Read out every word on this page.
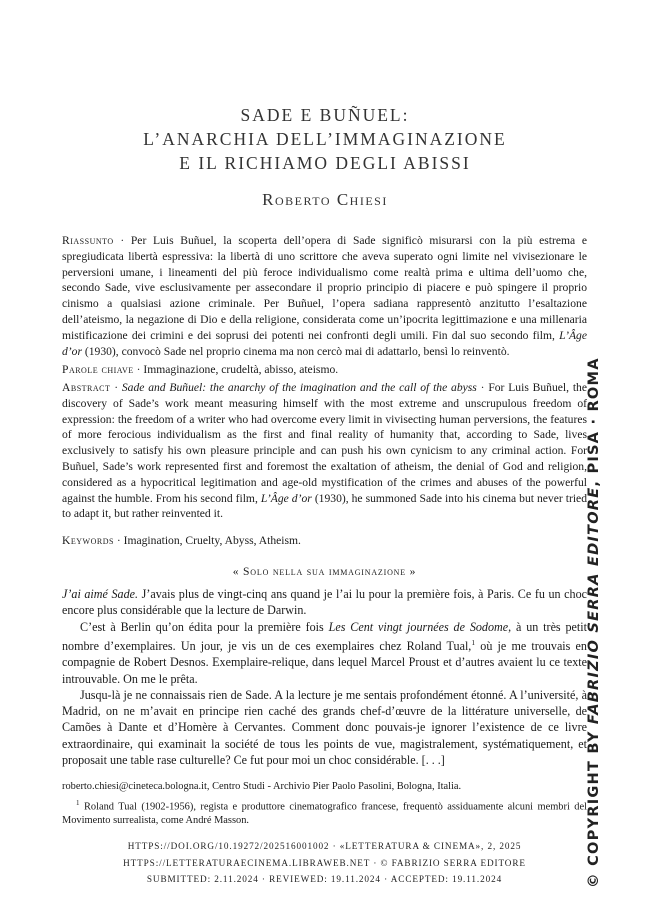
SADE E BUÑUEL:
L’ANARCHIA DELL’IMMAGINAZIONE
E IL RICHIAMO DEGLI ABISSI
Roberto Chiesi
Riassunto · Per Luis Buñuel, la scoperta dell’opera di Sade significò misurarsi con la più estrema e spregiudicata libertà espressiva: la libertà di uno scrittore che aveva superato ogni limite nel vivisezionare le perversioni umane, i lineamenti del più feroce individualismo come realtà prima e ultima dell’uomo che, secondo Sade, vive esclusivamente per assecondare il proprio principio di piacere e può spingere il proprio cinismo a qualsiasi azione criminale. Per Buñuel, l’opera sadiana rappresentò anzitutto l’esaltazione dell’ateismo, la negazione di Dio e della religione, considerata come un’ipocrita legittimazione e una millenaria mistificazione dei crimini e dei soprusi dei potenti nei confronti degli umili. Fin dal suo secondo film, L’Âge d’or (1930), convocò Sade nel proprio cinema ma non cercò mai di adattarlo, bensì lo reinventò.
Parole chiave · Immaginazione, crudeltà, abisso, ateismo.
Abstract · Sade and Buñuel: the anarchy of the imagination and the call of the abyss · For Luis Buñuel, the discovery of Sade’s work meant measuring himself with the most extreme and unscrupulous freedom of expression: the freedom of a writer who had overcome every limit in vivisecting human perversions, the features of more ferocious individualism as the first and final reality of humanity that, according to Sade, lives exclusively to satisfy his own pleasure principle and can push his own cynicism to any criminal action. For Buñuel, Sade’s work represented first and foremost the exaltation of atheism, the denial of God and religion, considered as a hypocritical legitimation and age-old mystification of the crimes and abuses of the powerful against the humble. From his second film, L’Âge d’or (1930), he summoned Sade into his cinema but never tried to adapt it, but rather reinvented it.
Keywords · Imagination, Cruelty, Abyss, Atheism.
« Solo nella sua immaginazione »

J’ai aimé Sade. J’avais plus de vingt-cinq ans quand je l’ai lu pour la première fois, à Paris. Ce fu un choc encore plus considérable que la lecture de Darwin.

C’est à Berlin qu’on édita pour la première fois Les Cent vingt journées de Sodome, à un très petit nombre d’exemplaires. Un jour, je vis un de ces exemplaires chez Roland Tual,$^1$ où je me trouvais en compagnie de Robert Desnos. Exemplaire-relique, dans lequel Marcel Proust et d’autres avaient lu ce texte introuvable. On me le prêta.

Jusqu-là je ne connaissais rien de Sade. A la lecture je me sentais profondément étonné. A l’université, à Madrid, on ne m’avait en principe rien caché des grands chef-d’œuvre de la littérature universelle, de Camões à Dante et d’Homère à Cervantes. Comment donc pouvais-je ignorer l’existence de ce livre extraordinaire, qui examinait la société de tous les points de vue, magistralement, systématiquement, et proposait une table rase culturelle? Ce fut pour moi un choc considérable. [. . .]

roberto.chiesi@cineteca.bologna.it, Centro Studi - Archivio Pier Paolo Pasolini, Bologna, Italia.

$^1$ Roland Tual (1902-1956), regista e produttore cinematografico francese, frequentò assiduamente alcuni membri del Movimento surrealista, come André Masson.

HTTPS://DOI.ORG/10.19272/202516001002 · «LETTERATURA & CINEMA», 2, 2025
HTTPS://LETTERATURAECINEMA.LIBRAWEB.NET · © FABRIZIO SERRA EDITORE
SUBMITTED: 2.11.2024 · REVIEWED: 19.11.2024 · ACCEPTED: 19.11.2024	© COPYRIGHT BY FABRIZIO SERRA EDITORE, PISA · ROMA
